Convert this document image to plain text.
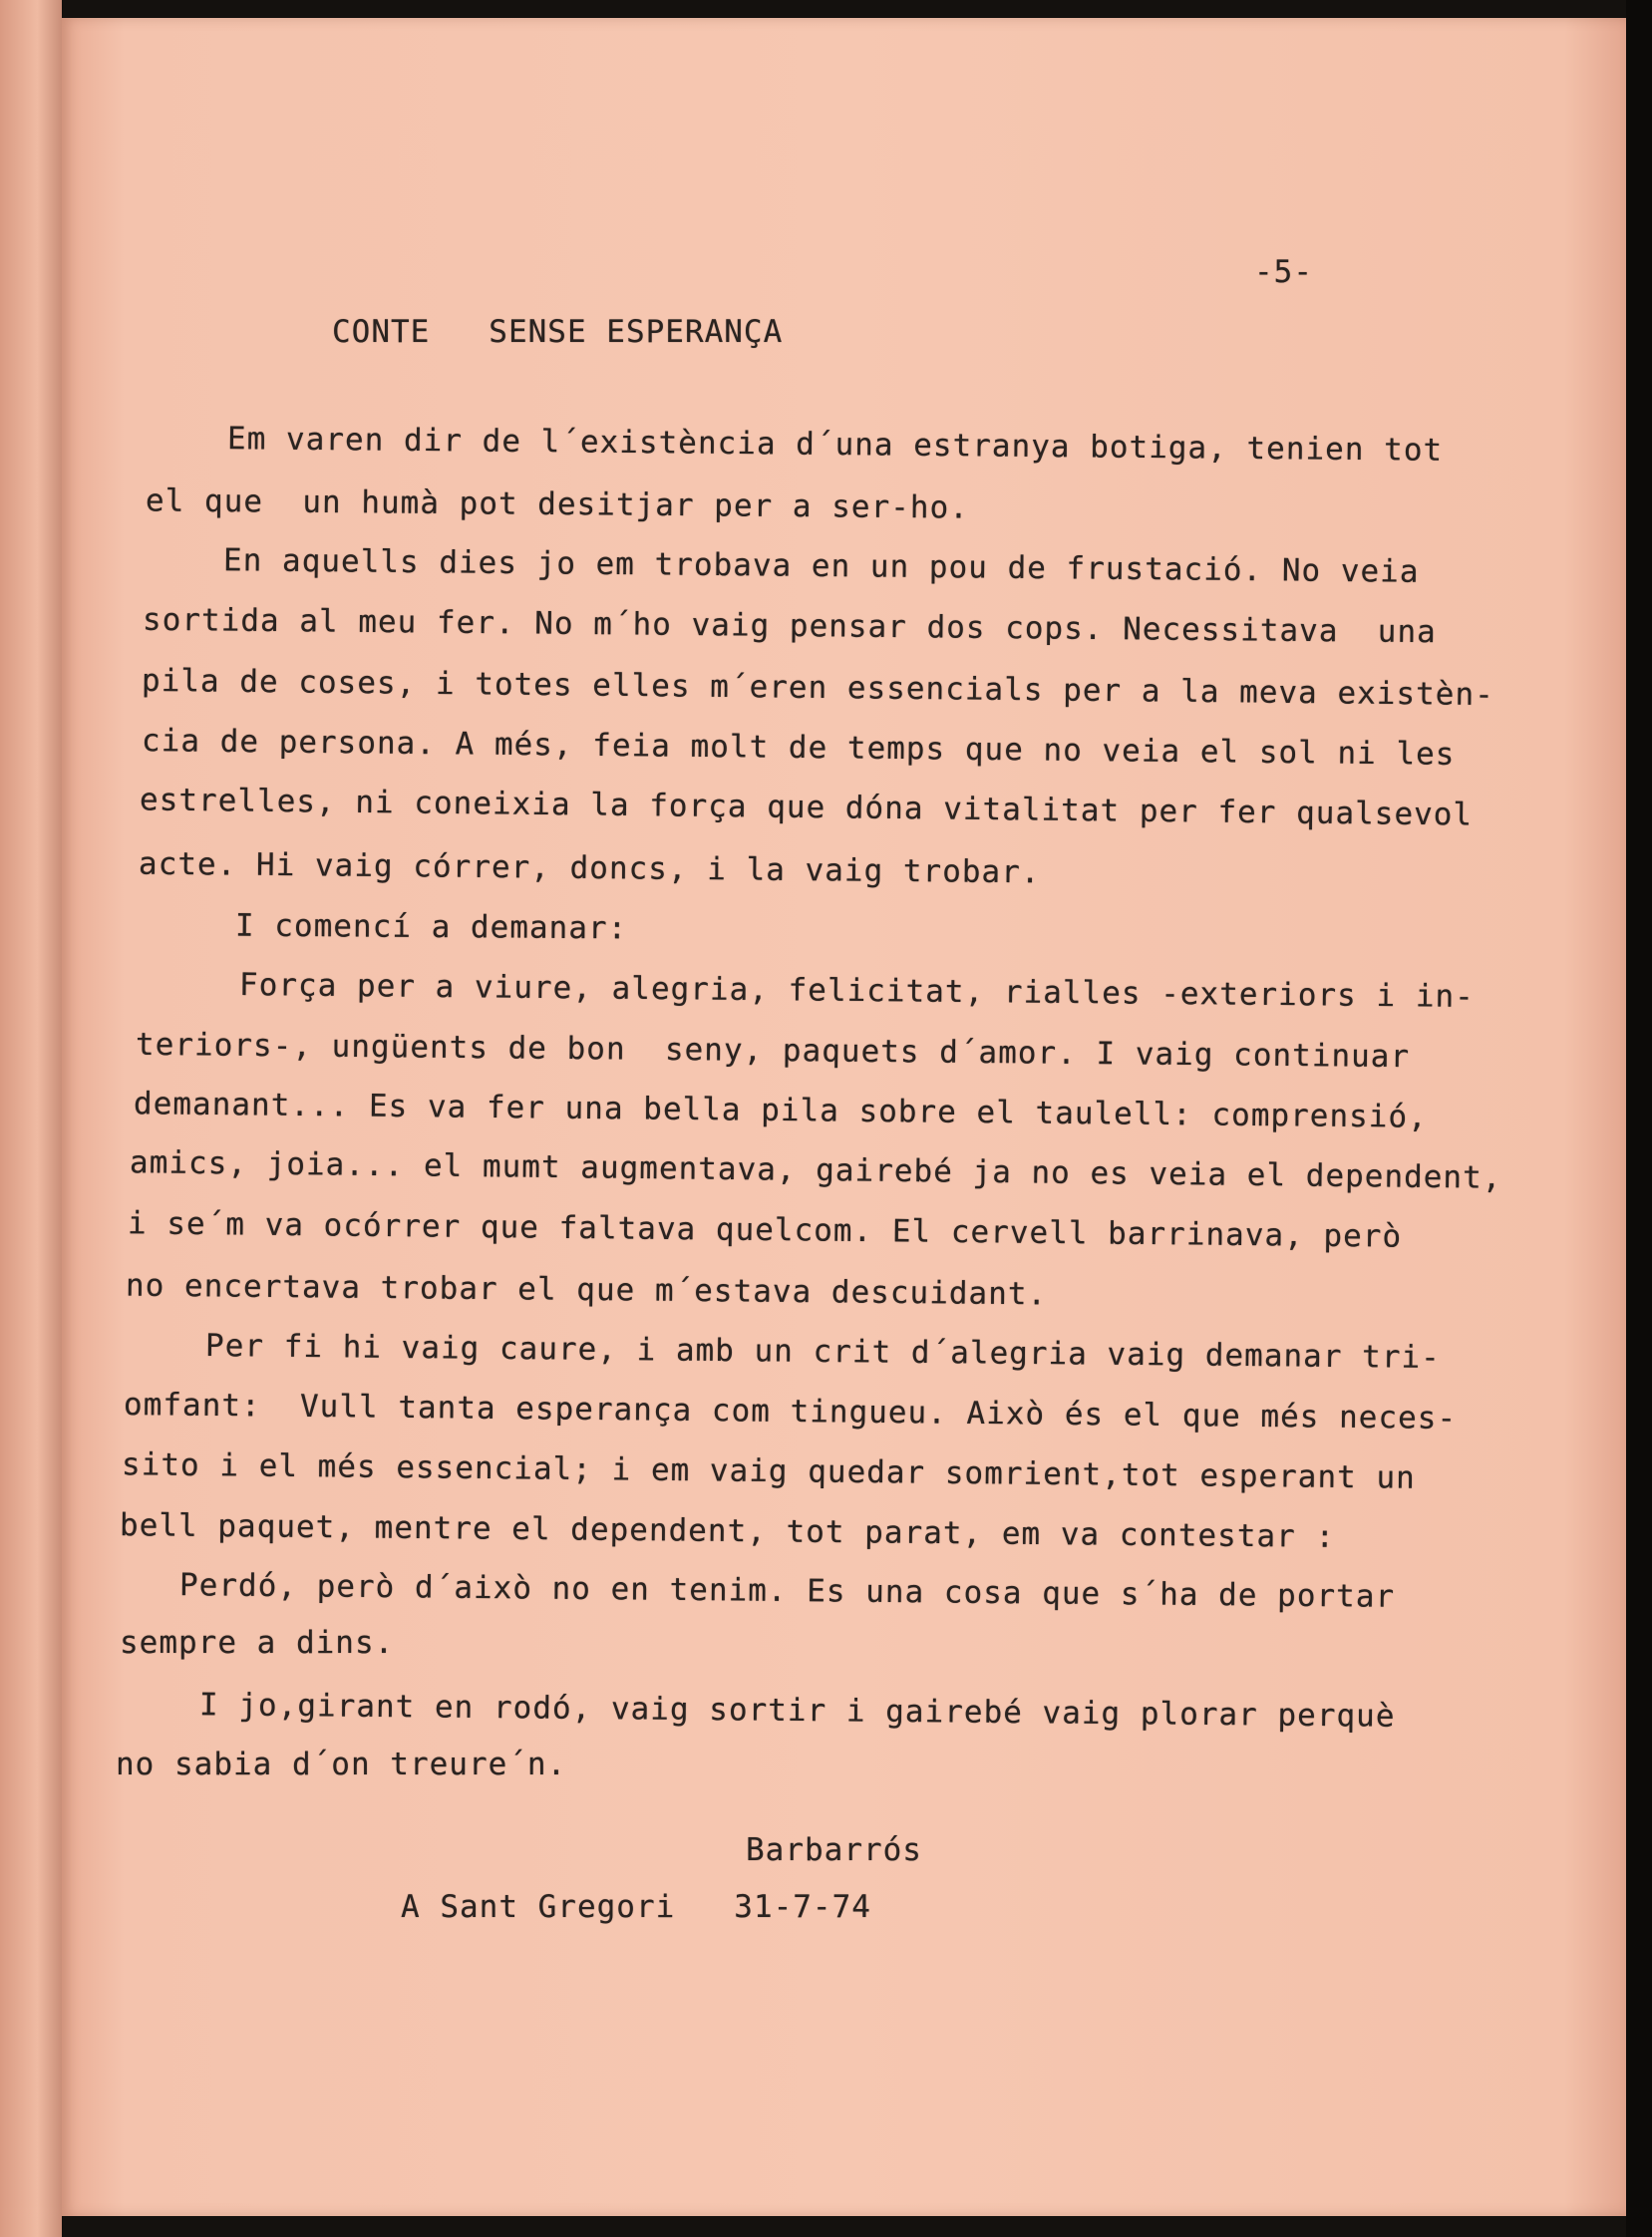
-5-
CONTE   SENSE ESPERANÇA
Em varen dir de l´existència d´una estranya botiga, tenien tot
el que  un humà pot desitjar per a ser-ho.
En aquells dies jo em trobava en un pou de frustació. No veia
sortida al meu fer. No m´ho vaig pensar dos cops. Necessitava  una
pila de coses, i totes elles m´eren essencials per a la meva existèn-
cia de persona. A més, feia molt de temps que no veia el sol ni les
estrelles, ni coneixia la força que dóna vitalitat per fer qualsevol
acte. Hi vaig córrer, doncs, i la vaig trobar.
I comencí a demanar:
Força per a viure, alegria, felicitat, rialles -exteriors i in-
teriors-, ungüents de bon  seny, paquets d´amor. I vaig continuar
demanant... Es va fer una bella pila sobre el taulell: comprensió,
amics, joia... el mumt augmentava, gairebé ja no es veia el dependent,
i se´m va ocórrer que faltava quelcom. El cervell barrinava, però
no encertava trobar el que m´estava descuidant.
Per fi hi vaig caure, i amb un crit d´alegria vaig demanar tri-
omfant:  Vull tanta esperança com tingueu. Això és el que més neces-
sito i el més essencial; i em vaig quedar somrient,tot esperant un
bell paquet, mentre el dependent, tot parat, em va contestar :
Perdó, però d´això no en tenim. Es una cosa que s´ha de portar
sempre a dins.
I jo,girant en rodó, vaig sortir i gairebé vaig plorar perquè
no sabia d´on treure´n.
Barbarrós
A Sant Gregori   31-7-74
